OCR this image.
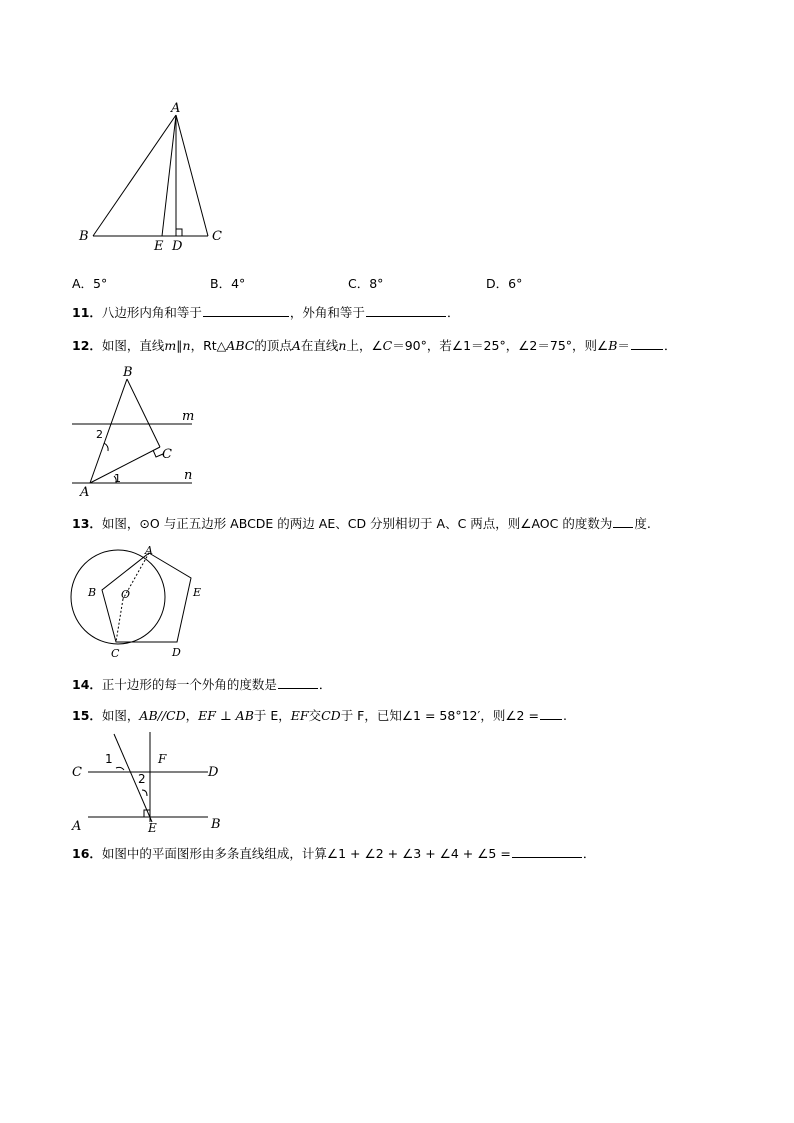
A
B	C
E D
A．5°	B．4°	C．8°	D．6°
11．八边形内角和等于	，外角和等于	．
12．如图，直线m∥n，Rt△ABC的顶点A在直线n上，∠C＝90°，若∠1＝25°，∠2＝75°，则∠B＝	．
B
m
2
C
n
A
1
13．如图，⊙O 与正五边形 ABCDE 的两边 AE、CD 分别相切于 A、C 两点，则∠AOC 的度数为 度.
A
B O	E
C	D
14．正十边形的每一个外角的度数是	．
15．如图，AB//CD，EF ⊥ AB于 E，EF交CD于 F，已知∠1 = 58°12′，则∠2 = .
C	D
A	B
E
F
1
2
16．如图中的平面图形由多条直线组成，计算∠1 + ∠2 + ∠3 + ∠4 + ∠5 =	．
